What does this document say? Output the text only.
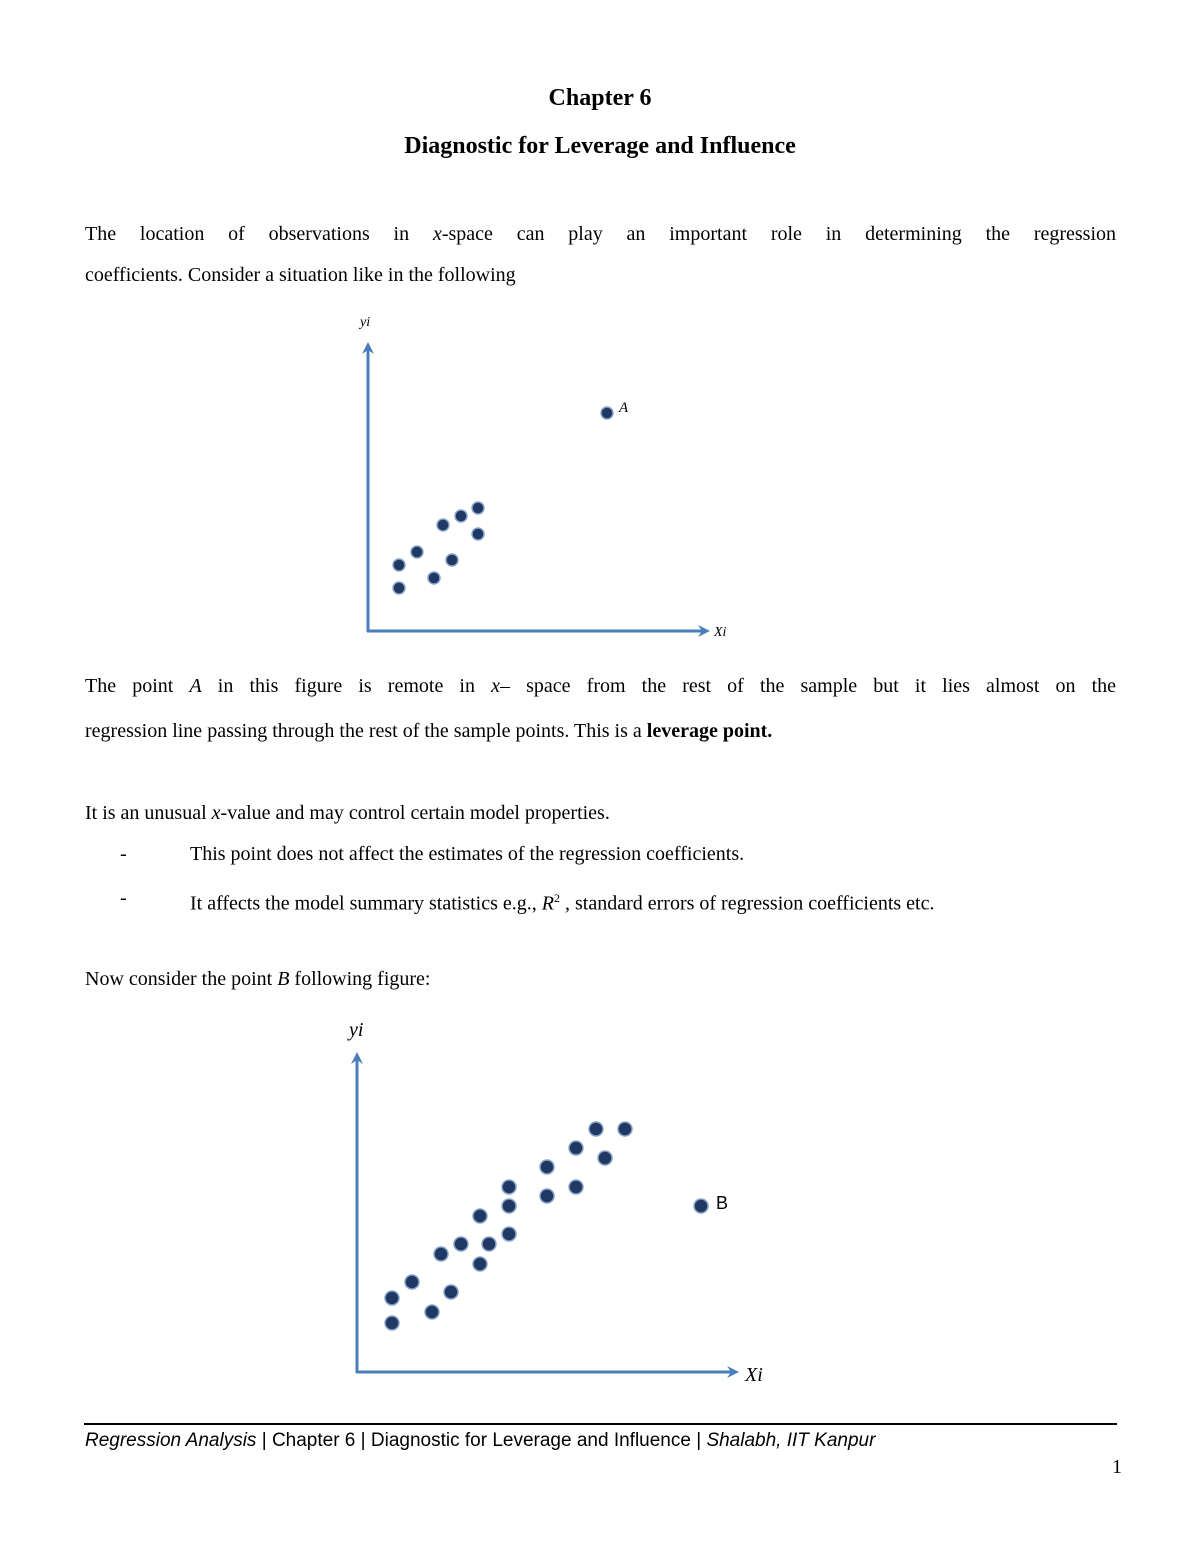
Chapter 6
Diagnostic for Leverage and Influence

The location of observations in x-space can play an important role in determining the regression

coefficients. Consider a situation like in the following

yi
Xi
A

The point A in this figure is remote in x– space from the rest of the sample but it lies almost on the

regression line passing through the rest of the sample points. This is a leverage point.

It is an unusual x-value and may control certain model properties.

-	This point does not affect the estimates of the regression coefficients.
-	It affects the model summary statistics e.g., $R^2$ , standard errors of regression coefficients etc.

Now consider the point B following figure:

yi
Xi
B
Regression Analysis | Chapter 6 | Diagnostic for Leverage and Influence | Shalabh, IIT Kanpur
1
